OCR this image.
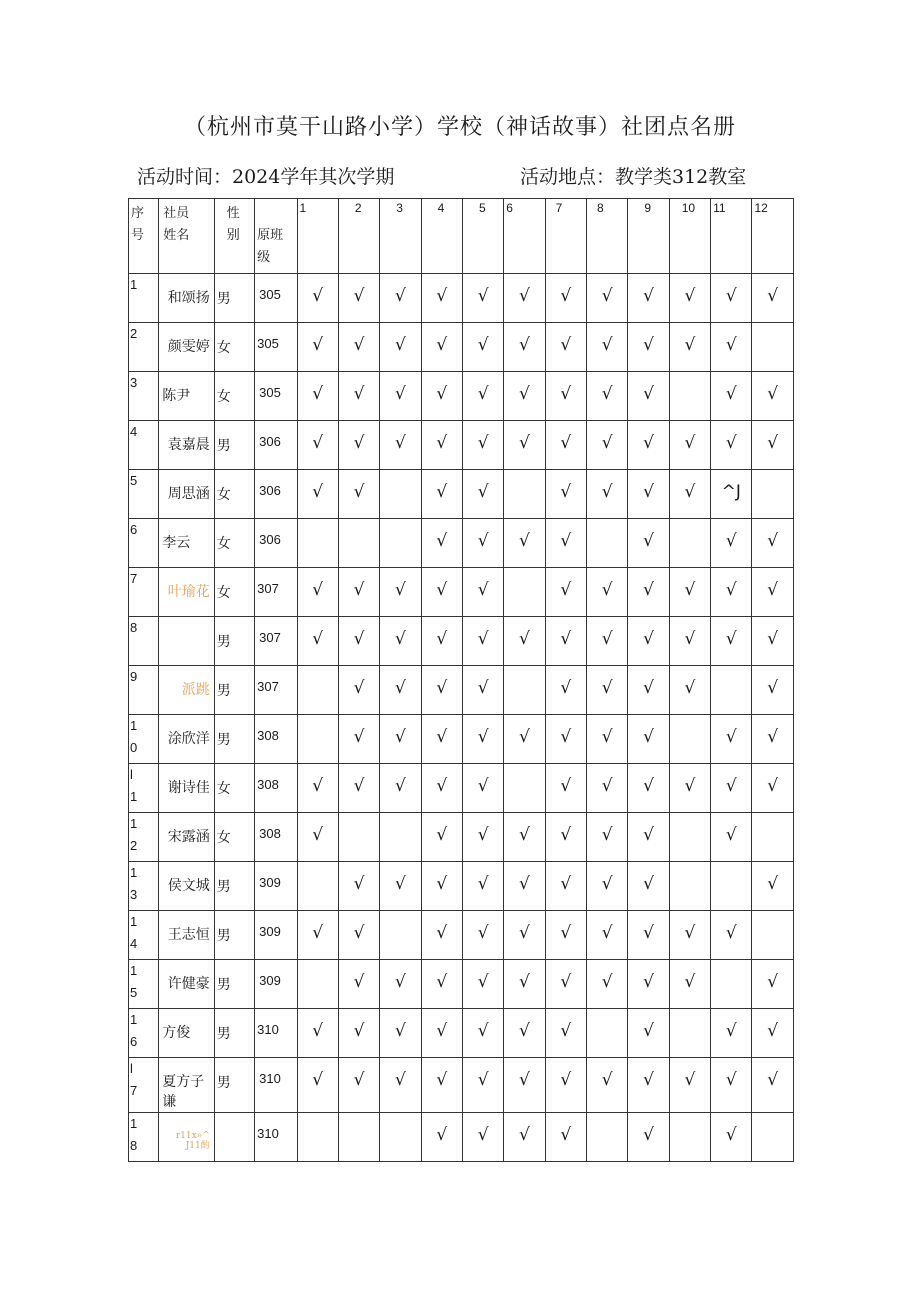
（杭州市莫干山路小学）学校（神话故事）社团点名册
活动时间：2024学年其次学期	活动地点：教学类312教室
序号	社员姓名	性别	原班级	1	2	3	4	5	6	7	8	9	10	11	12

1	和颂扬	男	305	√	√	√	√	√	√	√	√	√	√	√	√

2	颜雯婷	女	305	√	√	√	√	√	√	√	√	√	√	√	

3	陈尹	女	305	√	√	√	√	√	√	√	√	√		√	√

4	袁嘉晨	男	306	√	√	√	√	√	√	√	√	√	√	√	√

5	周思涵	女	306	√	√		√	√		√	√	√	√	^J	

6	李云	女	306				√	√	√	√		√		√	√

7	叶瑜花	女	307	√	√	√	√	√		√	√	√	√	√	√

8		男	307	√	√	√	√	√	√	√	√	√	√	√	√

9	派跳	男	307		√	√	√	√		√	√	√	√		√

10	涂欣洋	男	308		√	√	√	√	√	√	√	√		√	√

l1	谢诗佳	女	308	√	√	√	√	√		√	√	√	√	√	√

12	宋露涵	女	308	√			√	√	√	√	√	√		√	

13	侯文城	男	309		√	√	√	√	√	√	√	√			√

14	王志恒	男	309	√	√		√	√	√	√	√	√	√	√	

15	许健豪	男	309		√	√	√	√	√	√	√	√	√		√

16	方俊	男	310	√	√	√	√	√	√	√		√		√	√

l7	夏方子谦	男	310	√	√	√	√	√	√	√	√	√	√	√	√

18	r11x»^ J11酌		310				√	√	√	√		√		√	
